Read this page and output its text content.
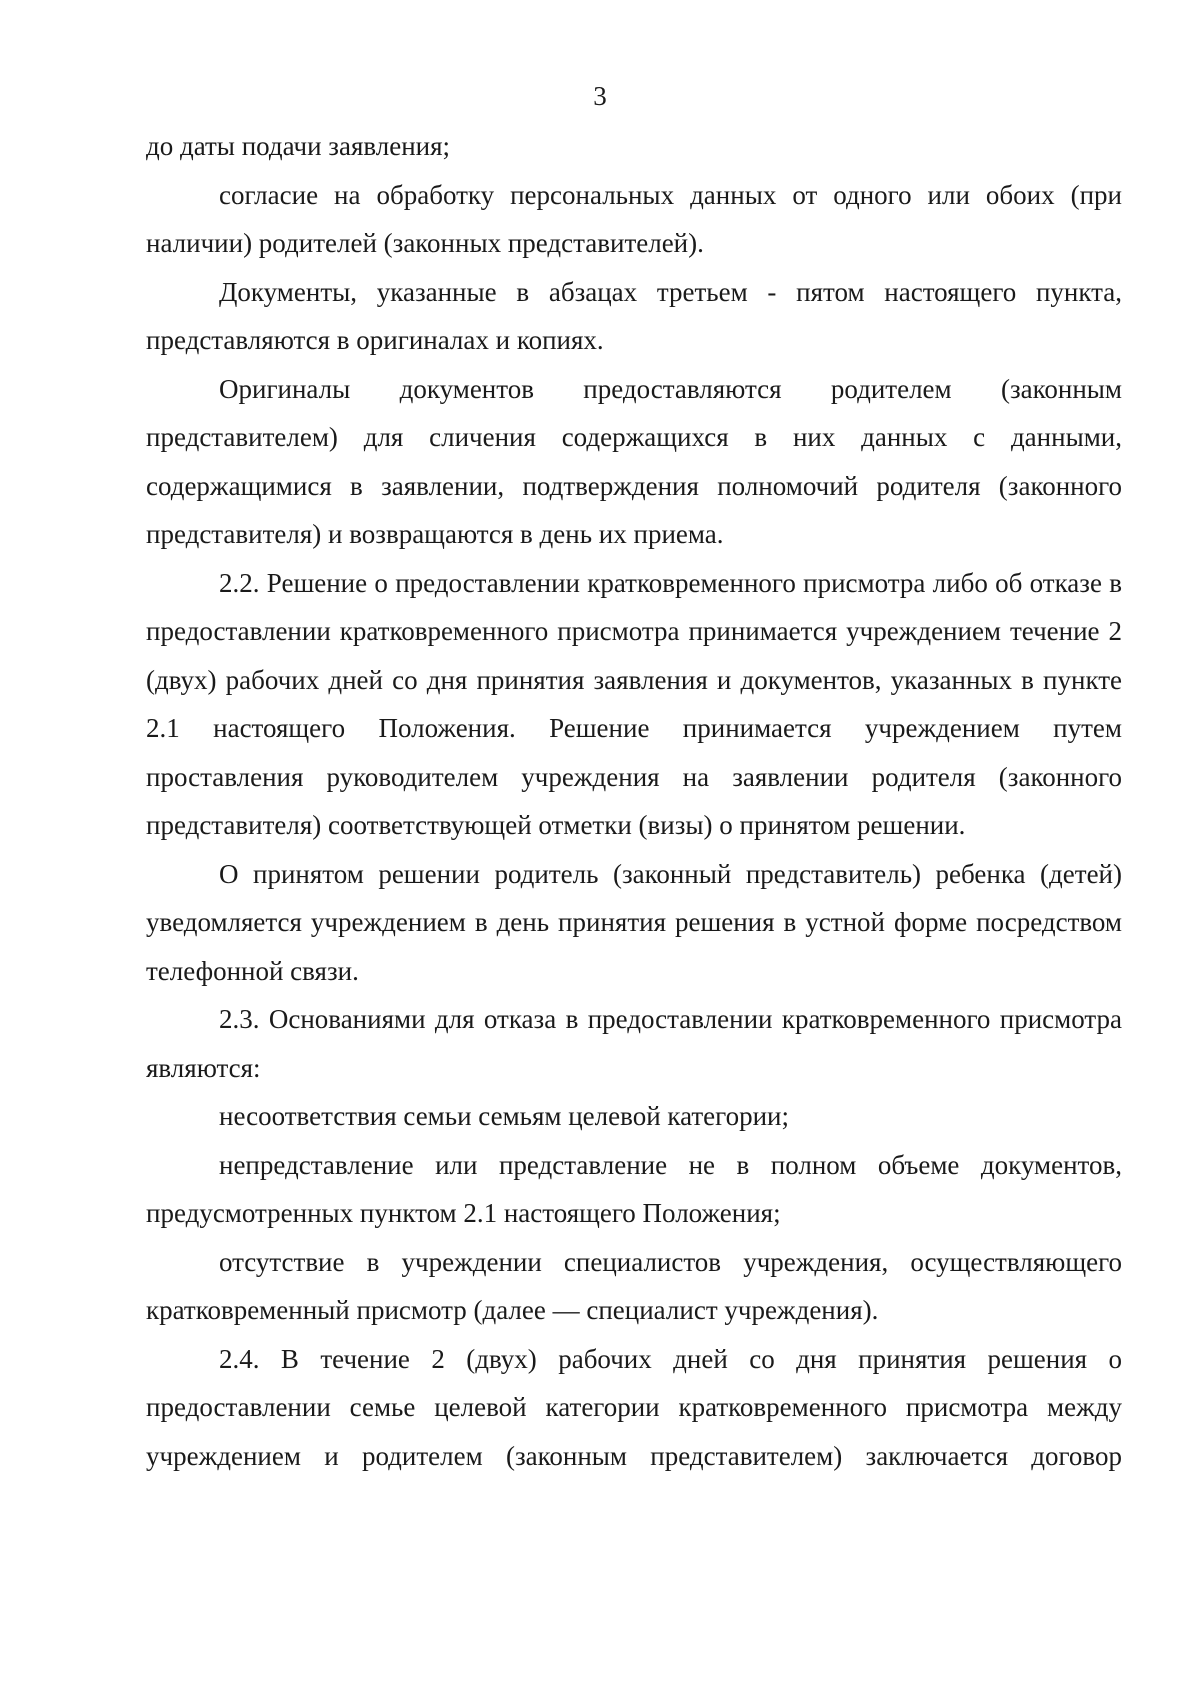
3

до даты подачи заявления;

согласие на обработку персональных данных от одного или обоих (при наличии) родителей (законных представителей).

Документы, указанные в абзацах третьем - пятом настоящего пункта, представляются в оригиналах и копиях.

Оригиналы документов предоставляются родителем (законным представителем) для сличения содержащихся в них данных с данными, содержащимися в заявлении, подтверждения полномочий родителя (законного представителя) и возвращаются в день их приема.

2.2. Решение о предоставлении кратковременного присмотра либо об отказе в предоставлении кратковременного присмотра принимается учреждением течение 2 (двух) рабочих дней со дня принятия заявления и документов, указанных в пункте 2.1 настоящего Положения. Решение принимается учреждением путем проставления руководителем учреждения на заявлении родителя (законного представителя) соответствующей отметки (визы) о принятом решении.

О принятом решении родитель (законный представитель) ребенка (детей) уведомляется учреждением в день принятия решения в устной форме посредством телефонной связи.

2.3. Основаниями для отказа в предоставлении кратковременного присмотра являются:

несоответствия семьи семьям целевой категории;

непредставление или представление не в полном объеме документов, предусмотренных пунктом 2.1 настоящего Положения;

отсутствие в учреждении специалистов учреждения, осуществляющего кратковременный присмотр (далее — специалист учреждения).

2.4. В течение 2 (двух) рабочих дней со дня принятия решения о предоставлении семье целевой категории кратковременного присмотра между учреждением и родителем (законным представителем) заключается договор
